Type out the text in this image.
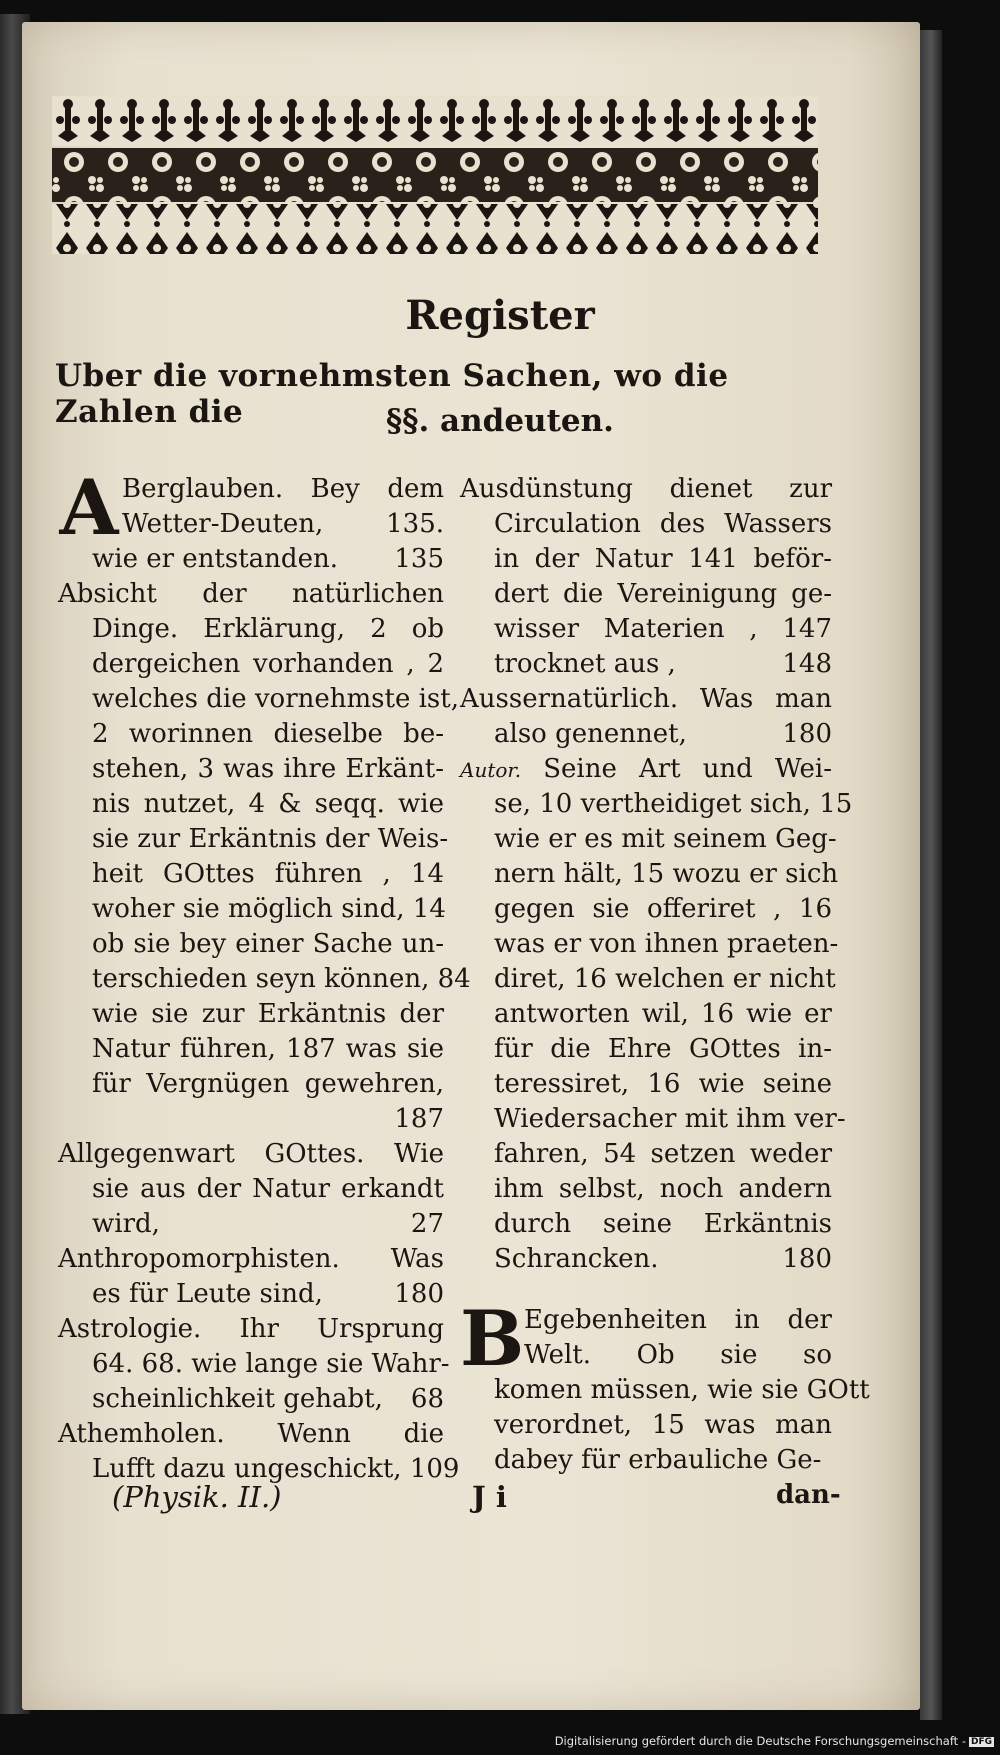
Register
Uber die vornehmsten Sachen, wo die Zahlen die	§§. andeuten.
A Berglauben. Bey dem
Wetter-Deuten, 135.
wie er entstanden. 135
Absicht der natürlichen
Dinge. Erklärung, 2 ob
dergeichen vorhanden , 2
welches die vornehmste ist,
2 worinnen dieselbe be-
stehen, 3 was ihre Erkänt-
nis nutzet, 4 & seqq. wie
sie zur Erkäntnis der Weis-
heit GOttes führen , 14
woher sie möglich sind, 14
ob sie bey einer Sache un-
terschieden seyn können, 84
wie sie zur Erkäntnis der
Natur führen, 187 was sie
für Vergnügen gewehren,
187
Allgegenwart GOttes. Wie
sie aus der Natur erkandt
wird,	27
Anthropomorphisten. Was
es für Leute sind,	180
Astrologie. Ihr Ursprung
64. 68. wie lange sie Wahr-
scheinlichkeit gehabt, 68
Athemholen. Wenn die
Lufft dazu ungeschickt, 109
Ausdünstung dienet zur
Circulation des Wassers
in der Natur 141 beför-
dert die Vereinigung ge-
wisser Materien , 147
trocknet aus ,	148
Aussernatürlich. Was man
also genennet,	180
Autor. Seine Art und Wei-
se, 10 vertheidiget sich, 15
wie er es mit seinem Geg-
nern hält, 15 wozu er sich
gegen sie offeriret , 16
was er von ihnen praeten-
diret, 16 welchen er nicht
antworten wil, 16 wie er
für die Ehre GOttes in-
teressiret, 16 wie seine
Wiedersacher mit ihm ver-
fahren, 54 setzen weder
ihm selbst, noch andern
durch seine Erkäntnis
Schrancken.	180
B Egebenheiten in der
Welt. Ob sie so
komen müssen, wie sie GOtt
verordnet, 15 was man
dabey für erbauliche Ge-
(Physik. II.)	J i	dan-
Digitalisierung gefördert durch die Deutsche Forschungsgemeinschaft - DFG
